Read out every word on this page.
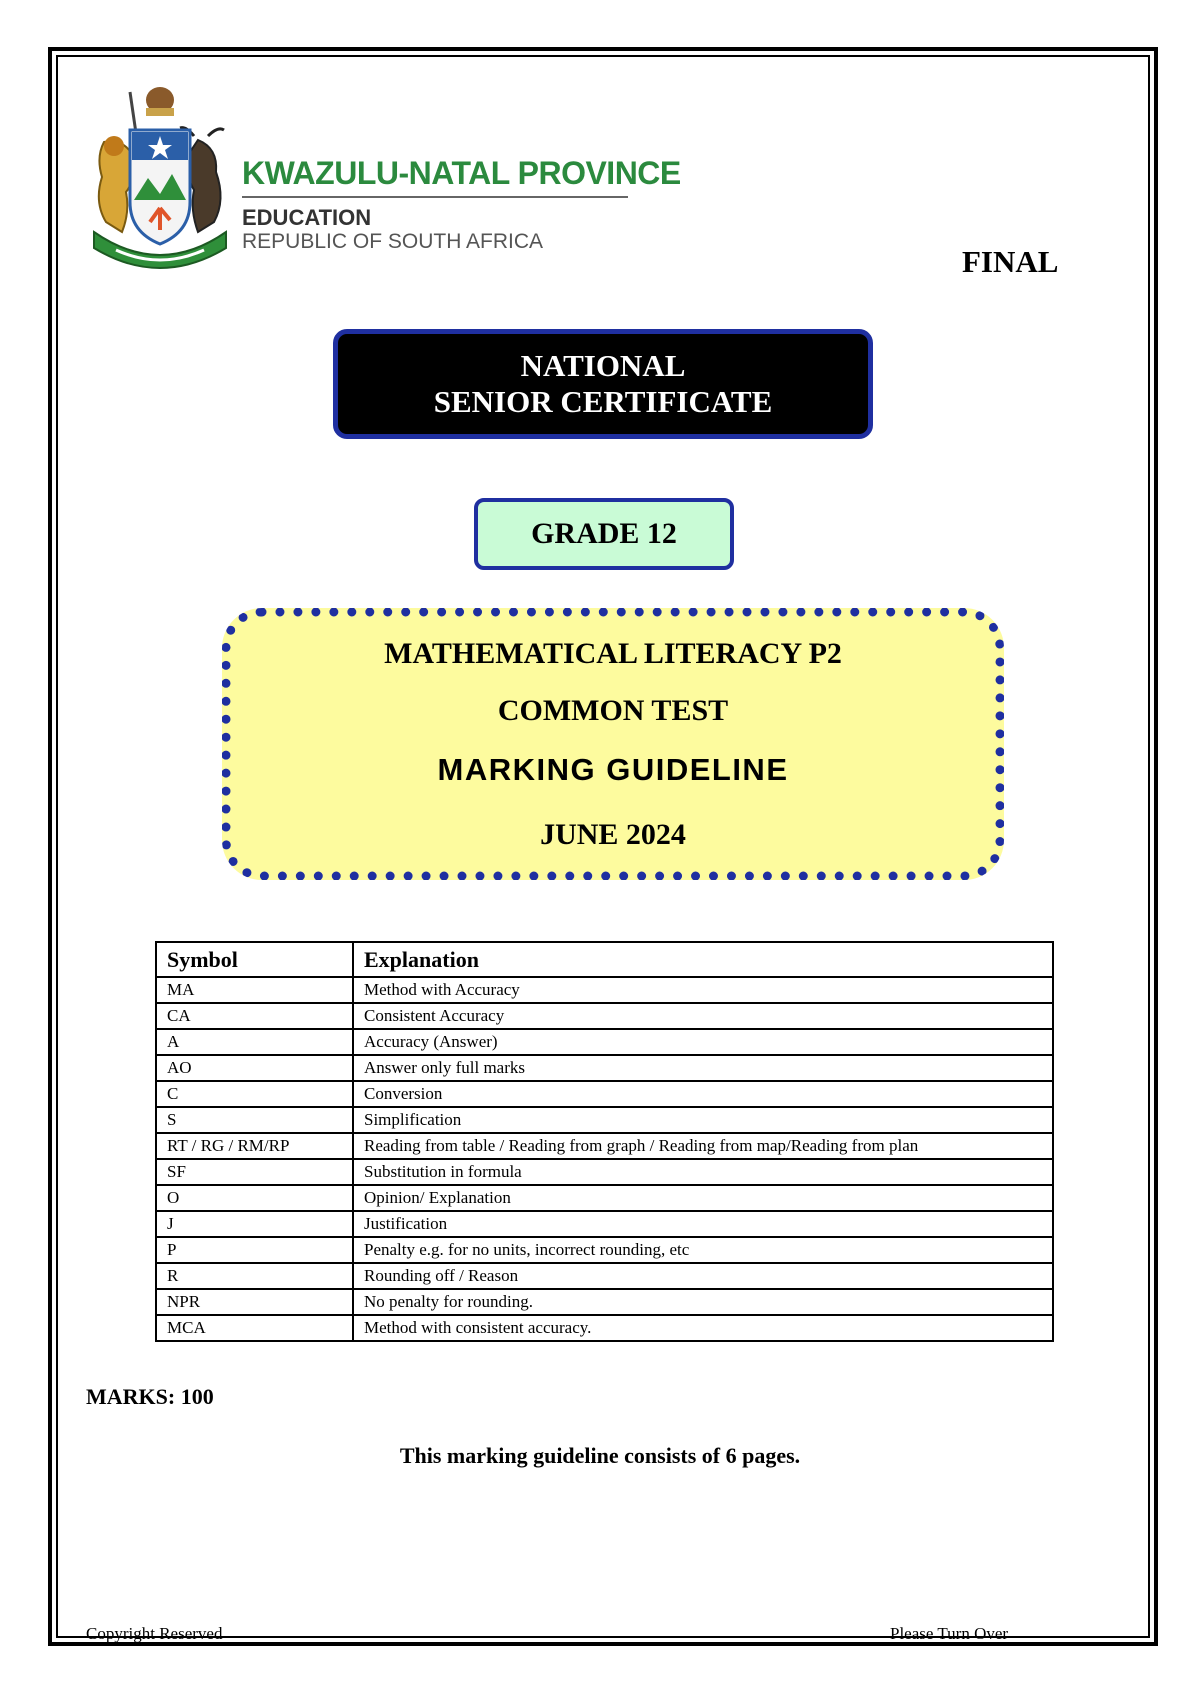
KWAZULU-NATAL PROVINCE
EDUCATION
REPUBLIC OF SOUTH AFRICA
FINAL
NATIONAL
SENIOR CERTIFICATE
GRADE 12
MATHEMATICAL LITERACY P2
COMMON TEST
MARKING GUIDELINE
JUNE 2024
Symbol	Explanation
MA	Method with Accuracy
CA	Consistent Accuracy
A	Accuracy (Answer)
AO	Answer only full marks
C	Conversion
S	Simplification
RT / RG / RM/RP	Reading from table / Reading from graph / Reading from map/Reading from plan
SF	Substitution in formula
O	Opinion/ Explanation
J	Justification
P	Penalty e.g. for no units, incorrect rounding, etc
R	Rounding off / Reason
NPR	No penalty for rounding.
MCA	Method with consistent accuracy.
MARKS: 100
This marking guideline consists of 6 pages.
Copyright Reserved	Please Turn Over
